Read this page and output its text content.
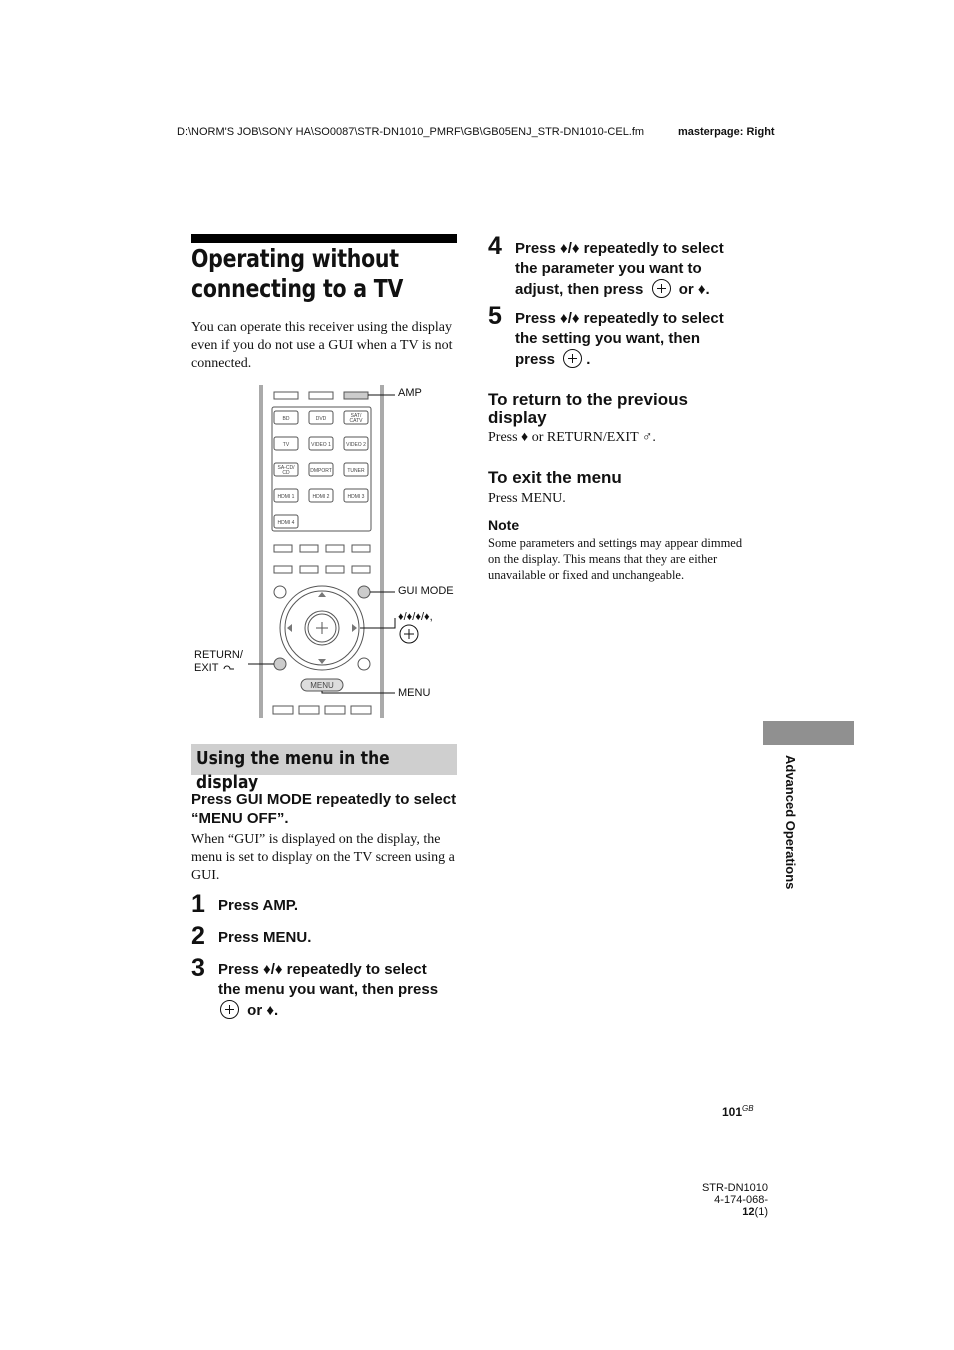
D:\NORM'S JOB\SONY HA\SO0087\STR-DN1010_PMRF\GB\GB05ENJ_STR-DN1010-CEL.fm	masterpage: Right
Operating without
connecting to a TV
You can operate this receiver using the display even if you do not use a GUI when a TV is not connected.
BD	DVD	SAT/
CATV
TV	VIDEO 1	VIDEO 2
SA-CD/
CD	DMPORT	TUNER
HDMI 1	HDMI 2	HDMI 3
HDMI 4
MENU
AMP
GUI MODE
♦/♦/♦/♦,
RETURN/
EXIT
MENU
Using the menu in the display
Press GUI MODE repeatedly to select “MENU OFF”.
When “GUI” is displayed on the display, the menu is set to display on the TV screen using a GUI.
1 Press AMP.
2 Press MENU.
3 Press ♦/♦ repeatedly to select
the menu you want, then press
or ♦.
4 Press ♦/♦ repeatedly to select
the parameter you want to
adjust, then press or ♦.
5 Press ♦/♦ repeatedly to select
the setting you want, then
press .
To return to the previous
display
Press ♦ or RETURN/EXIT ♂.
To exit the menu
Press MENU.
Note
Some parameters and settings may appear dimmed on the display. This means that they are either unavailable or fixed and unchangeable.
Advanced Operations
$101^{GB}$
STR-DN1010
4-174-068-12(1)
